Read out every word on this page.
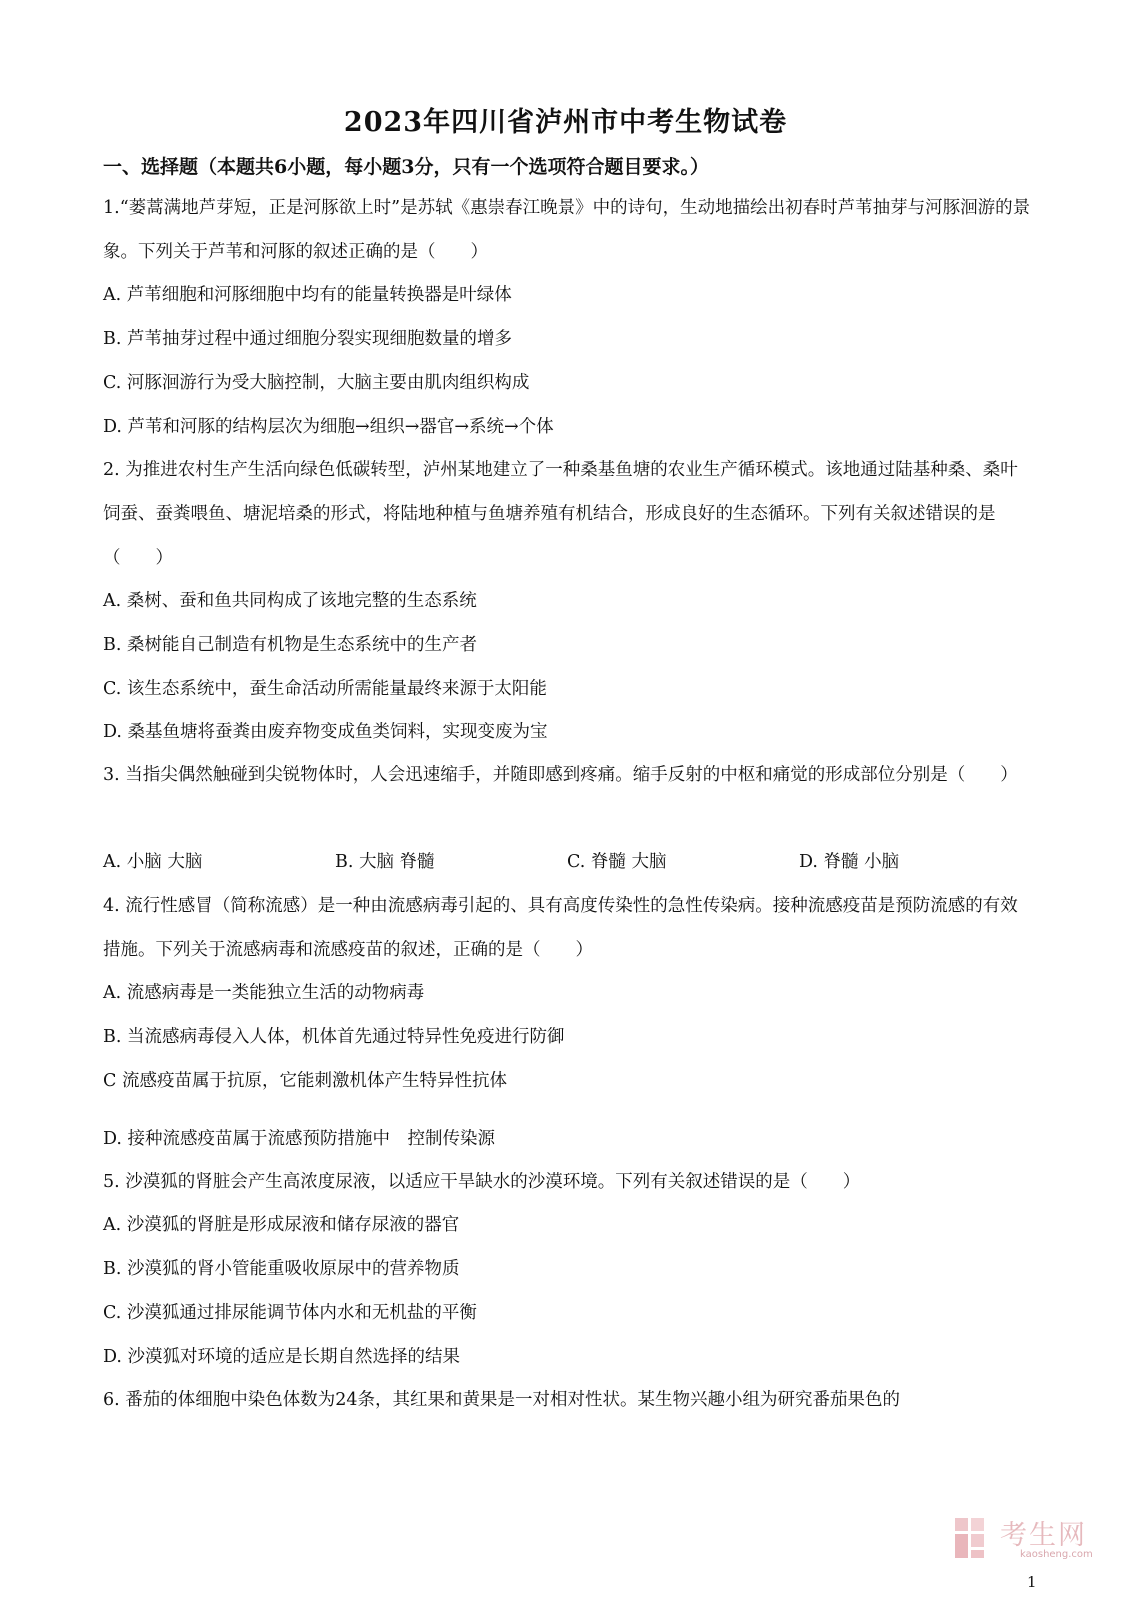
2023年四川省泸州市中考生物试卷
一、选择题（本题共6小题，每小题3分，只有一个选项符合题目要求。）
1.“蒌蒿满地芦芽短，正是河豚欲上时”是苏轼《惠崇春江晚景》中的诗句，生动地描绘出初春时芦苇抽芽与河豚洄游的景象。下列关于芦苇和河豚的叙述正确的是（　　）
A. 芦苇细胞和河豚细胞中均有的能量转换器是叶绿体
B. 芦苇抽芽过程中通过细胞分裂实现细胞数量的增多
C. 河豚洄游行为受大脑控制，大脑主要由肌肉组织构成
D. 芦苇和河豚的结构层次为细胞→组织→器官→系统→个体
2. 为推进农村生产生活向绿色低碳转型，泸州某地建立了一种桑基鱼塘的农业生产循环模式。该地通过陆基种桑、桑叶饲蚕、蚕粪喂鱼、塘泥培桑的形式，将陆地种植与鱼塘养殖有机结合，形成良好的生态循环。下列有关叙述错误的是（　　）
A. 桑树、蚕和鱼共同构成了该地完整的生态系统
B. 桑树能自己制造有机物是生态系统中的生产者
C. 该生态系统中，蚕生命活动所需能量最终来源于太阳能
D. 桑基鱼塘将蚕粪由废弃物变成鱼类饲料，实现变废为宝
3. 当指尖偶然触碰到尖锐物体时，人会迅速缩手，并随即感到疼痛。缩手反射的中枢和痛觉的形成部位分别是（　　）
A. 小脑 大脑	B. 大脑 脊髓	C. 脊髓 大脑	D. 脊髓 小脑
4. 流行性感冒（简称流感）是一种由流感病毒引起的、具有高度传染性的急性传染病。接种流感疫苗是预防流感的有效措施。下列关于流感病毒和流感疫苗的叙述，正确的是（　　）
A. 流感病毒是一类能独立生活的动物病毒
B. 当流感病毒侵入人体，机体首先通过特异性免疫进行防御
C 流感疫苗属于抗原，它能刺激机体产生特异性抗体
D. 接种流感疫苗属于流感预防措施中　控制传染源
5. 沙漠狐的肾脏会产生高浓度尿液，以适应干旱缺水的沙漠环境。下列有关叙述错误的是（　　）
A. 沙漠狐的肾脏是形成尿液和储存尿液的器官
B. 沙漠狐的肾小管能重吸收原尿中的营养物质
C. 沙漠狐通过排尿能调节体内水和无机盐的平衡
D. 沙漠狐对环境的适应是长期自然选择的结果
6. 番茄的体细胞中染色体数为24条，其红果和黄果是一对相对性状。某生物兴趣小组为研究番茄果色的
考生网
kaosheng.com
1
